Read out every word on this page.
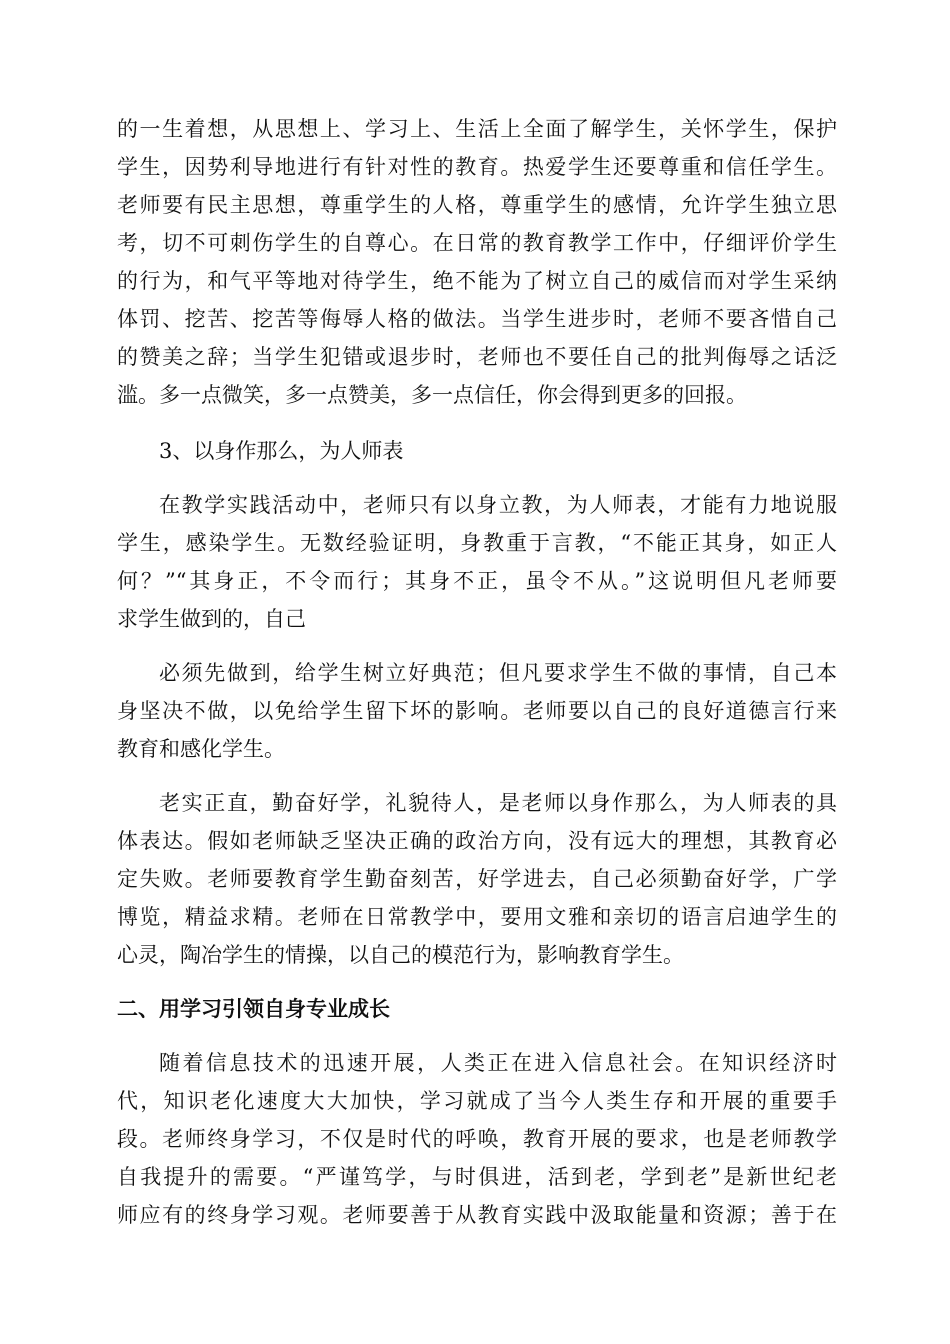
的一生着想，从思想上、学习上、生活上全面了解学生，关怀学生，保护
学生，因势利导地进行有针对性的教育。热爱学生还要尊重和信任学生。
老师要有民主思想，尊重学生的人格，尊重学生的感情，允许学生独立思
考，切不可刺伤学生的自尊心。在日常的教育教学工作中，仔细评价学生
的行为，和气平等地对待学生，绝不能为了树立自己的威信而对学生采纳
体罚、挖苦、挖苦等侮辱人格的做法。当学生进步时，老师不要吝惜自己
的赞美之辞；当学生犯错或退步时，老师也不要任自己的批判侮辱之话泛
滥。多一点微笑，多一点赞美，多一点信任，你会得到更多的回报。
3、以身作那么，为人师表
在教学实践活动中，老师只有以身立教，为人师表，才能有力地说服
学生，感染学生。无数经验证明，身教重于言教，“不能正其身，如正人
何？”“其身正，不令而行；其身不正，虽令不从。”这说明但凡老师要
求学生做到的，自己
必须先做到，给学生树立好典范；但凡要求学生不做的事情，自己本
身坚决不做，以免给学生留下坏的影响。老师要以自己的良好道德言行来
教育和感化学生。
老实正直，勤奋好学，礼貌待人，是老师以身作那么，为人师表的具
体表达。假如老师缺乏坚决正确的政治方向，没有远大的理想，其教育必
定失败。老师要教育学生勤奋刻苦，好学进去，自己必须勤奋好学，广学
博览，精益求精。老师在日常教学中，要用文雅和亲切的语言启迪学生的
心灵，陶冶学生的情操，以自己的模范行为，影响教育学生。
二、用学习引领自身专业成长
随着信息技术的迅速开展，人类正在进入信息社会。在知识经济时
代，知识老化速度大大加快，学习就成了当今人类生存和开展的重要手
段。老师终身学习，不仅是时代的呼唤，教育开展的要求，也是老师教学
自我提升的需要。“严谨笃学，与时俱进，活到老，学到老”是新世纪老
师应有的终身学习观。老师要善于从教育实践中汲取能量和资源；善于在
